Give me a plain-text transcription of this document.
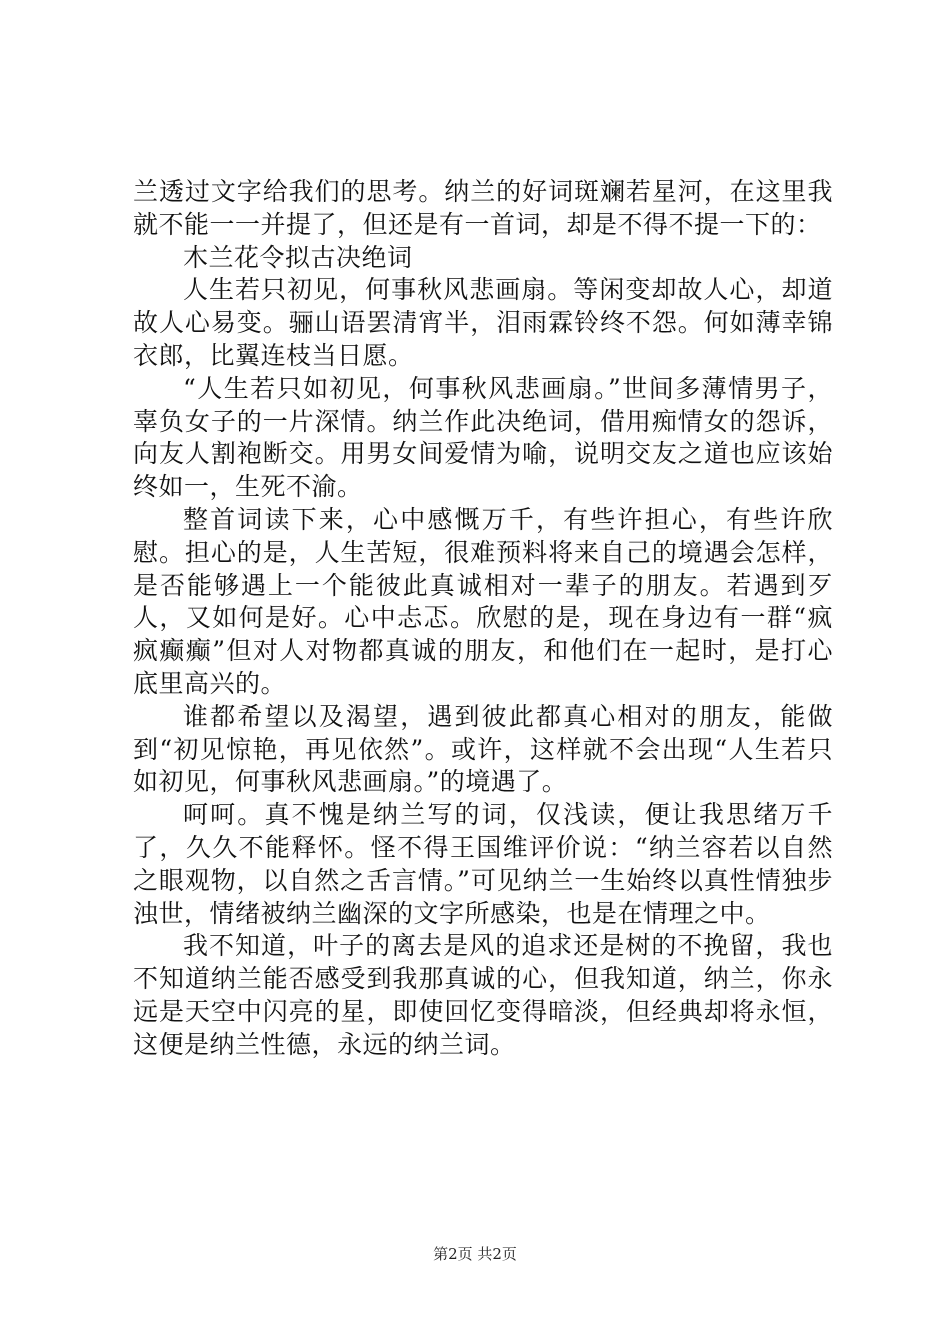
兰透过文字给我们的思考。纳兰的好词斑斓若星河，在这里我就不能一一并提了，但还是有一首词，却是不得不提一下的：

木兰花令拟古决绝词

人生若只初见，何事秋风悲画扇。等闲变却故人心，却道故人心易变。骊山语罢清宵半，泪雨霖铃终不怨。何如薄幸锦衣郎，比翼连枝当日愿。

“人生若只如初见，何事秋风悲画扇。”世间多薄情男子，辜负女子的一片深情。纳兰作此决绝词，借用痴情女的怨诉，向友人割袍断交。用男女间爱情为喻，说明交友之道也应该始终如一，生死不渝。

整首词读下来，心中感慨万千，有些许担心，有些许欣慰。担心的是，人生苦短，很难预料将来自己的境遇会怎样，是否能够遇上一个能彼此真诚相对一辈子的朋友。若遇到歹人，又如何是好。心中忐忑。欣慰的是，现在身边有一群“疯疯癫癫”但对人对物都真诚的朋友，和他们在一起时，是打心底里高兴的。

谁都希望以及渴望，遇到彼此都真心相对的朋友，能做到“初见惊艳，再见依然”。或许，这样就不会出现“人生若只如初见，何事秋风悲画扇。”的境遇了。

呵呵。真不愧是纳兰写的词，仅浅读，便让我思绪万千了，久久不能释怀。怪不得王国维评价说：“纳兰容若以自然之眼观物，以自然之舌言情。”可见纳兰一生始终以真性情独步浊世，情绪被纳兰幽深的文字所感染，也是在情理之中。

我不知道，叶子的离去是风的追求还是树的不挽留，我也不知道纳兰能否感受到我那真诚的心，但我知道，纳兰，你永远是天空中闪亮的星，即使回忆变得暗淡，但经典却将永恒，这便是纳兰性德，永远的纳兰词。

第2页 共2页
